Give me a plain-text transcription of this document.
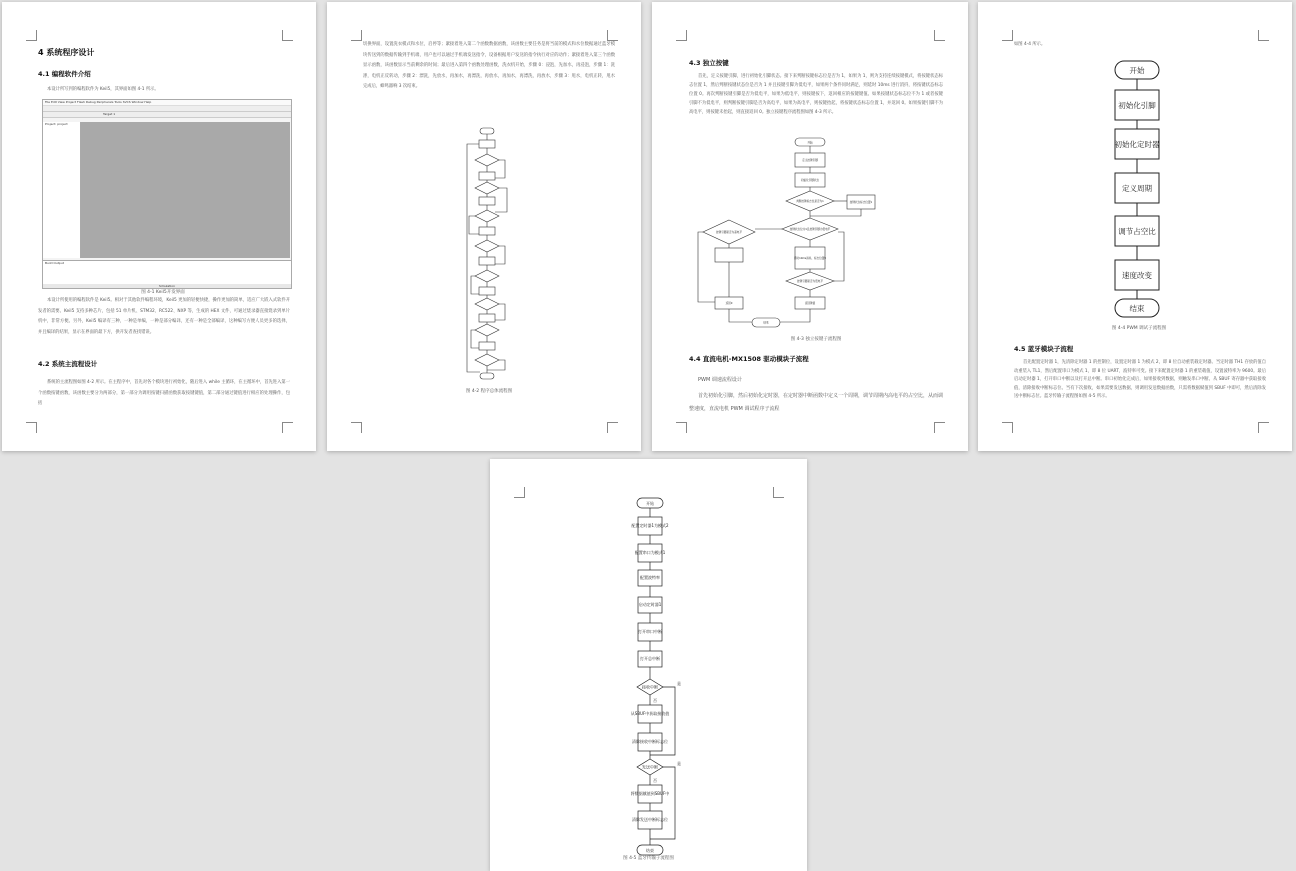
4 系统程序设计
4.1 编程软件介绍
本设计所写到的编程软件为 Keil5，其界面如图 4-1 所示。
File Edit View Project Flash Debug Peripherals Tools SVCS Window Help
Target 1
Project: project
Build Output
Simulation
图 4-1 Keil5开发界面
本设计所使用的编程软件是 Keil5。相对于其他软件编程环境，Keil5 更加的轻便快捷，操作更加的简单，适应广大嵌入式软件开发者的需要。Keil5 支持多种芯片，包括 51 单片机、STM32、RC522、NXP 等，生成的 HEX 文件，可通过烧录器直接烧录到单片机中，非常方便。另外，Keil5 编译有三种，一种是单编，一种是部分编译，还有一种是全部编译，这种编写方便人员更多的选择，并且编译的结果，显示在界面的最下方，供开发者查找错误。
4.2 系统主流程设计
系统的主流程图如图 4-2 所示。在主程序中，首先对各个模块进行初始化，随后进入 while 主循环，在主循环中，首先进入第一个函数按键函数，该函数主要分为两部分，第一部分为调用按键扫描函数获取按键键值，第二部分通过键值进行相应的处理操作，包括
切换界面，设置洗衣模式和水位，启停等；紧接着进入第二个函数数据函数，该函数主要任务是将当前的模式和水位数据通过蓝牙模块传送到的数据传输到手机端，用户也可以通过手机端发送指令，设备根据用户发送的指令执行对应的动作；紧接着进入第三个函数显示函数，该函数显示当前剩余的时间；最后进入第四个函数处理函数，洗衣机开始，步骤 0：浸泡，先加水，再浸泡，步骤 1：洗涤，电机正反转动，步骤 2：漂洗，先放水，再加水，再漂洗，再放水，再加水，再漂洗，再放水，步骤 3：甩水，电机正转，甩水完成后，蜂鸣器响 3 次结束。
图 4-2 程序总体流程图
4.3 独立按键
首先，定义按键引脚，进行初始化引脚状态。接下来判断按键标志位是否为 1，如果为 1，则为支持连续按键模式，将按键状态标志位置 1，然后判断按键状态位是否为 1 并且按键引脚为低电平，如果两个条件同时满足，则延时 10ms 进行消抖，将按键状态标志位置 0。再次判断按键引脚是否为低电平，如果为低电平，则按键按下，返回相应的按键键值。如果按键状态标志位不为 1 或者按键引脚不为低电平，则判断按键引脚是否为高电平，如果为高电平，则按键抬起，将按键状态标志位置 1，并返回 0。如果按键引脚不为高电平，则按键未抬起，则直接返回 0。独立按键程序流程图如图 4-3 所示。
开始
定义按键引脚
初始化引脚状态
判断按键标志位是否为1	按键状态标志位置1
按键状态位为1且按键引脚为低电平
按键引脚是否为高电平
延时10ms消抖，标志位置0
按键引脚是否为低电平
返回0	返回键值
结束
图 4-3 独立按键子流程图
4.4 直流电机-MX1508 驱动模块子流程
PWM 调速流程设计
首先初始化引脚，然后初始化定时器，在定时器中断函数中定义一个周期，调节周期内高电平的占空比，从而调整速度，直流电机 PWM 调试程序子流程
如图 4-4 所示。
开始
初始化引脚
初始化定时器
定义周期
调节占空比
速度改变
结束
图 4-4 PWM 调试子流程图
4.5 蓝牙模块子流程
首先配置定时器 1，先清除定时器 1 的控制位，设置定时器 1 为模式 2，即 8 位自动重装载定时器。当定时器 TH1 存放的值自动重装入 TL1，然后配置串口为模式 1，即 8 位 UART，波特率可变。接下来配置定时器 1 的重装载值，设置波特率为 9600。最后启动定时器 1，打开串口中断以及打开总中断。串口初始化完成后，如果接收到数据，则触发串口中断。从 SBUF 寄存器中获取接收值，清除接收中断标志位。当有下次接收，如果需要发送数据，则调用发送数据函数，只需将数据赋值到 SBUF 中即可，然后清除发送中断标志位。蓝牙传输子流程图如图 4-5 所示。
开始
配置定时器1为模式2
配置串口为模式1
配置波特率
启动定时器1
打开串口中断
打开总中断
接收中断
从SBUF中获取接收值
清除接收中断标志位
发送中断
将数据赋值到SBUF中
清除发送中断标志位
结束
是
否
是
否
图 4-5 蓝牙传输子流程图
